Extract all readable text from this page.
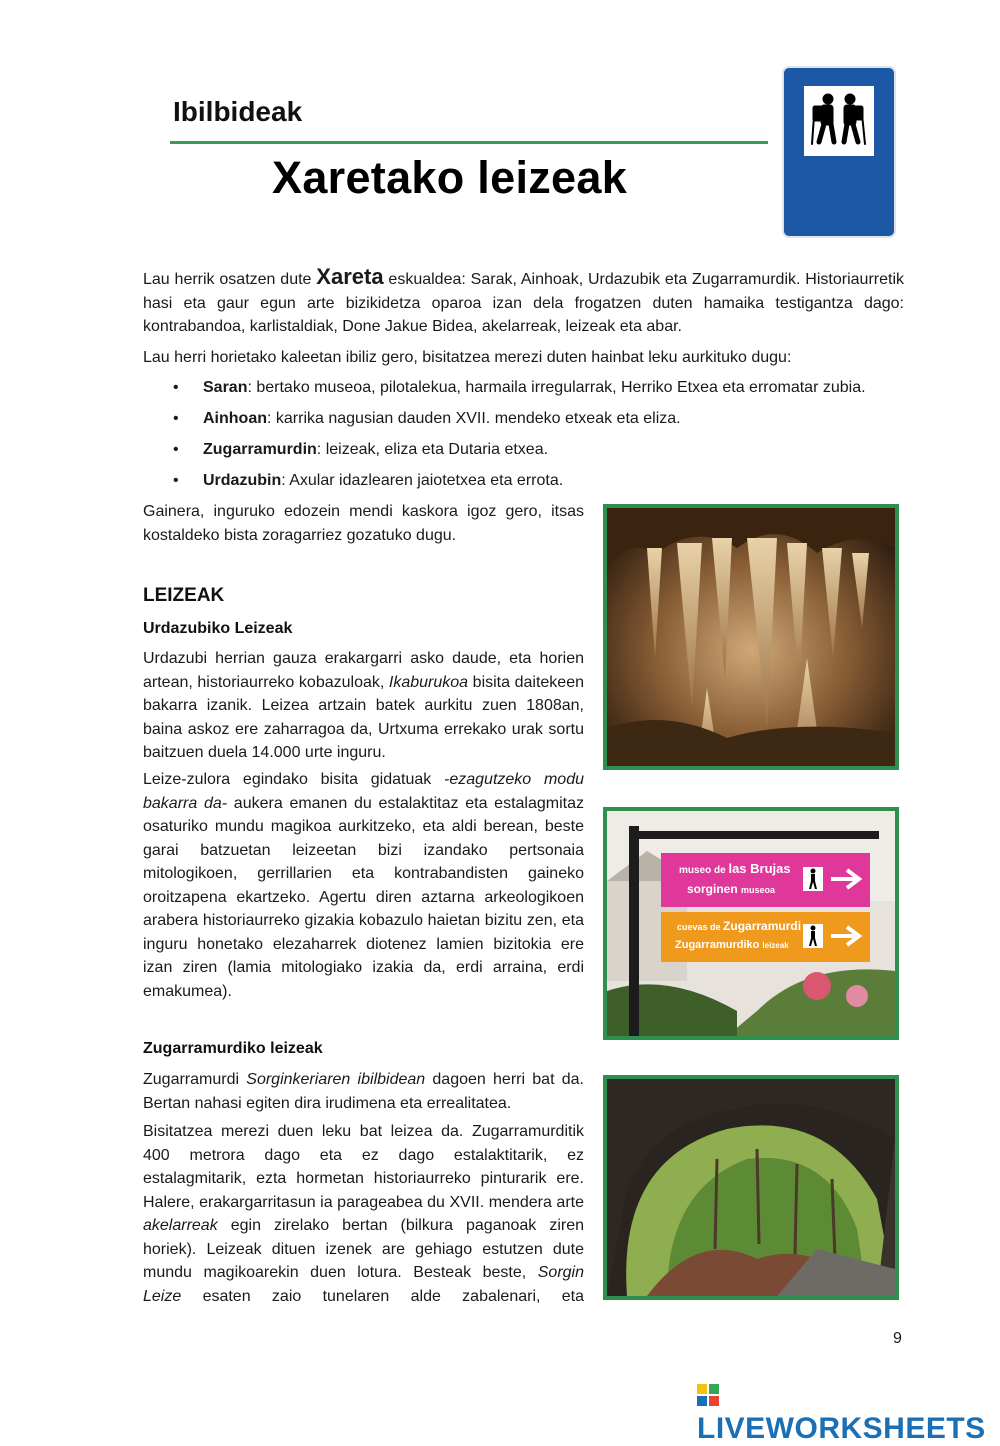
Ibilbideak
Xaretako leizeak

Lau herrik osatzen dute Xareta eskualdea: Sarak, Ainhoak, Urdazubik eta Zugarramurdik. Historiaurretik hasi eta gaur egun arte bizikidetza oparoa izan dela frogatzen duten hamaika testigantza dago: kontrabandoa, karlistaldiak, Done Jakue Bidea, akelarreak, leizeak eta abar.

Lau herri horietako kaleetan ibiliz gero, bisitatzea merezi duten hainbat leku aurkituko dugu:

• Saran: bertako museoa, pilotalekua, harmaila irregularrak, Herriko Etxea eta erromatar zubia.
• Ainhoan: karrika nagusian dauden XVII. mendeko etxeak eta eliza.
• Zugarramurdin: leizeak, eliza eta Dutaria etxea.
• Urdazubin: Axular idazlearen jaiotetxea eta errota.

Gainera, inguruko edozein mendi kaskora igoz gero, itsas kostaldeko bista zoragarriez gozatuko dugu.

LEIZEAK
Urdazubiko Leizeak

Urdazubi herrian gauza erakargarri asko daude, eta horien artean, historiaurreko kobazuloak, Ikaburukoa bisita daitekeen bakarra izanik. Leizea artzain batek aurkitu zuen 1808an, baina askoz ere zaharragoa da, Urtxuma errekako urak sortu baitzuen duela 14.000 urte inguru.

Leize-zulora egindako bisita gidatuak -ezagutzeko modu bakarra da- aukera emanen du estalaktitaz eta estalagmitaz osaturiko mundu magikoa aurkitzeko, eta aldi berean, beste garai batzuetan leizeetan bizi izandako pertsonaia mitologikoen, gerrillarien eta kontrabandisten gaineko oroitzapena ekartzeko. Agertu diren aztarna arkeologikoen arabera historiaurreko gizakia kobazulo haietan bizitu zen, eta inguru honetako elezaharrek diotenez lamien bizitokia ere izan ziren (lamia mitologiako izakia da, erdi arraina, erdi emakumea).

Zugarramurdiko leizeak

Zugarramurdi Sorginkeriaren ibilbidean dagoen herri bat da. Bertan nahasi egiten dira irudimena eta errealitatea.

Bisitatzea merezi duen leku bat leizea da. Zugarramurditik 400 metrora dago eta ez dago estalaktitarik, ez estalagmitarik, ezta hormetan historiaurreko pinturarik ere. Halere, erakargarritasun ia parageabea du XVII. mendera arte akelarreak egin zirelako bertan (bilkura paganoak ziren horiek). Leizeak dituen izenek are gehiago estutzen dute mundu magikoarekin duen lotura. Besteak beste, Sorgin Leize esaten zaio tunelaren alde zabalenari, eta

museo de las Brujas
sorginen museoa
cuevas de Zugarramurdi
Zugarramurdiko leizeak
9
LIVEWORKSHEETS
